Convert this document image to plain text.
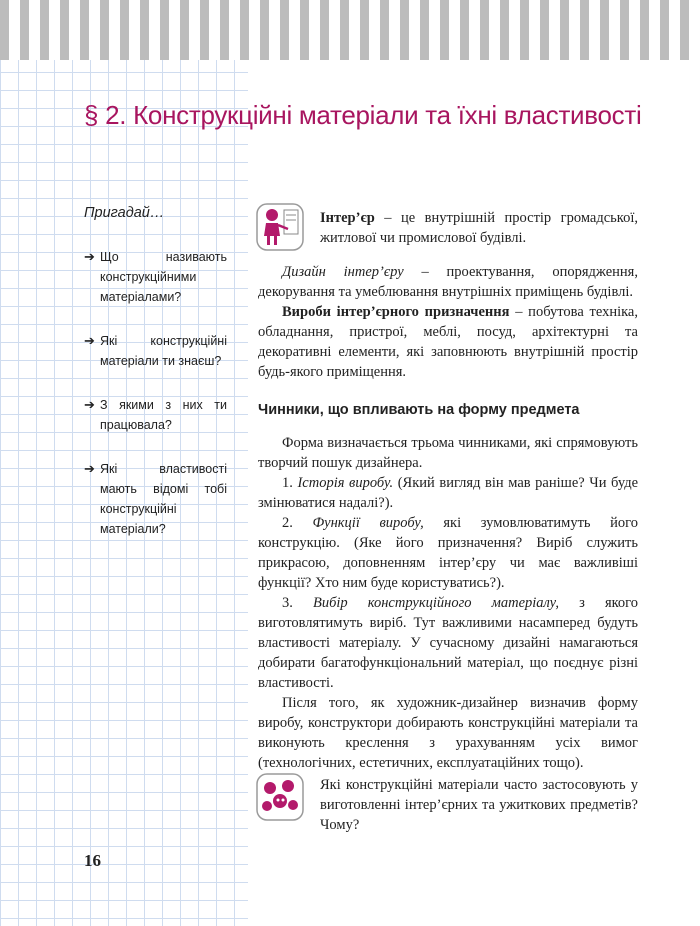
§ 2. Конструкційні матеріали та їхні властивості
Пригадай…
➔ Що називають конструкційними матеріалами?
➔ Які конструкційні матеріали ти знаєш?
➔ З якими з них ти працювала?
➔ Які властивості мають відомі тобі конструкційні матеріали?
Інтер’єр – це внутрішній простір громадської, житлової чи промислової будівлі.

Дизайн інтер’єру – проектування, опорядження, декорування та умеблювання внутрішніх приміщень будівлі.

Вироби інтер’єрного призначення – побутова техніка, обладнання, пристрої, меблі, посуд, архітектурні та декоративні елементи, які заповнюють внутрішній простір будь-якого приміщення.

Чинники, що впливають на форму предмета

Форма визначається трьома чинниками, які спрямовують творчий пошук дизайнера.

1. Історія виробу. (Який вигляд він мав раніше? Чи буде змінюватися надалі?).

2. Функції виробу, які зумовлюватимуть його конструкцію. (Яке його призначення? Виріб служить прикрасою, доповненням інтер’єру чи має важливіші функції? Хто ним буде користуватись?).

3. Вибір конструкційного матеріалу, з якого виготовлятимуть виріб. Тут важливими насамперед будуть властивості матеріалу. У сучасному дизайні намагаються добирати багатофункціональний матеріал, що поєднує різні властивості.

Після того, як художник-дизайнер визначив форму виробу, конструктори добирають конструкційні матеріали та виконують креслення з урахуванням усіх вимог (технологічних, естетичних, експлуатаційних тощо).

Які конструкційні матеріали часто застосовують у виготовленні інтер’єрних та ужиткових предметів? Чому?
16
